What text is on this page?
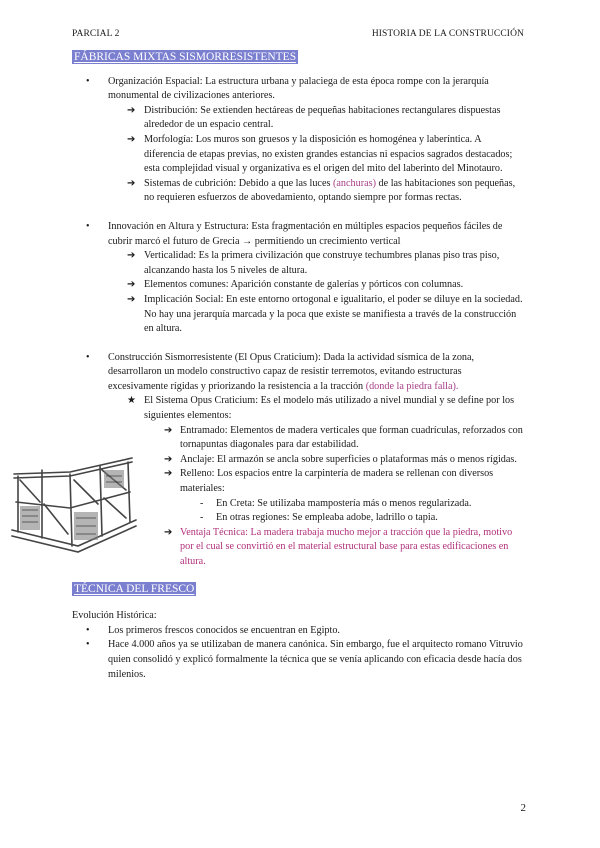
PARCIAL 2	HISTORIA DE LA CONSTRUCCIÓN
FÁBRICAS MIXTAS SISMORRESISTENTES

• Organización Espacial: La estructura urbana y palaciega de esta época rompe con la jerarquía monumental de civilizaciones anteriores.

➔ Distribución: Se extienden hectáreas de pequeñas habitaciones rectangulares dispuestas alrededor de un espacio central.

➔ Morfología: Los muros son gruesos y la disposición es homogénea y laberíntica. A diferencia de etapas previas, no existen grandes estancias ni espacios sagrados destacados; esta complejidad visual y organizativa es el origen del mito del laberinto del Minotauro.

➔ Sistemas de cubrición: Debido a que las luces (anchuras) de las habitaciones son pequeñas, no requieren esfuerzos de abovedamiento, optando siempre por formas rectas.

• Innovación en Altura y Estructura: Esta fragmentación en múltiples espacios pequeños fáciles de cubrir marcó el futuro de Grecia → permitiendo un crecimiento vertical

➔ Verticalidad: Es la primera civilización que construye techumbres planas piso tras piso, alcanzando hasta los 5 niveles de altura.

➔ Elementos comunes: Aparición constante de galerías y pórticos con columnas.

➔ Implicación Social: En este entorno ortogonal e igualitario, el poder se diluye en la sociedad. No hay una jerarquía marcada y la poca que existe se manifiesta a través de la construcción en altura.

• Construcción Sismorresistente (El Opus Craticium): Dada la actividad sísmica de la zona, desarrollaron un modelo constructivo capaz de resistir terremotos, evitando estructuras excesivamente rígidas y priorizando la resistencia a la tracción (donde la piedra falla).

★ El Sistema Opus Craticium: Es el modelo más utilizado a nivel mundial y se define por los siguientes elementos:

➔ Entramado: Elementos de madera verticales que forman cuadrículas, reforzados con tornapuntas diagonales para dar estabilidad.

➔ Anclaje: El armazón se ancla sobre superficies o plataformas más o menos rígidas.

➔ Relleno: Los espacios entre la carpintería de madera se rellenan con diversos materiales:

- En Creta: Se utilizaba mampostería más o menos regularizada.

- En otras regiones: Se empleaba adobe, ladrillo o tapia.

➔ Ventaja Técnica: La madera trabaja mucho mejor a tracción que la piedra, motivo por el cual se convirtió en el material estructural base para estas edificaciones en altura.

TÉCNICA DEL FRESCO

Evolución Histórica:

• Los primeros frescos conocidos se encuentran en Egipto.

• Hace 4.000 años ya se utilizaban de manera canónica. Sin embargo, fue el arquitecto romano Vitruvio quien consolidó y explicó formalmente la técnica que se venía aplicando con eficacia desde hacía dos milenios.

2
